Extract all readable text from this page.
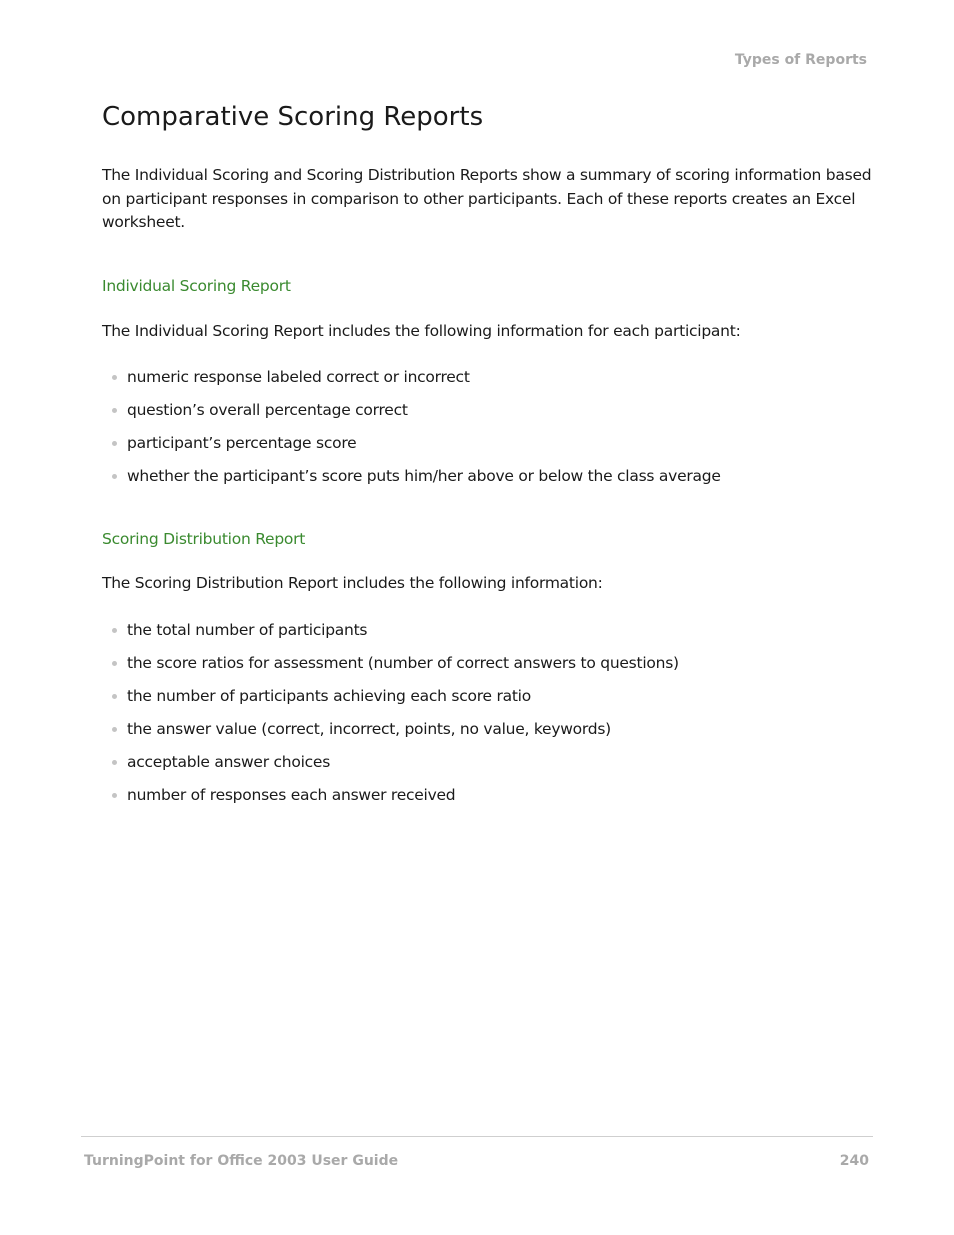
Types of Reports
Comparative Scoring Reports

The Individual Scoring and Scoring Distribution Reports show a summary of scoring information based on participant responses in comparison to other participants. Each of these reports creates an Excel worksheet.

Individual Scoring Report

The Individual Scoring Report includes the following information for each participant:

numeric response labeled correct or incorrect
question’s overall percentage correct
participant’s percentage score
whether the participant’s score puts him/her above or below the class average
Scoring Distribution Report

The Scoring Distribution Report includes the following information:

the total number of participants
the score ratios for assessment (number of correct answers to questions)
the number of participants achieving each score ratio
the answer value (correct, incorrect, points, no value, keywords)
acceptable answer choices
number of responses each answer received
TurningPoint for Office 2003 User Guide	240
